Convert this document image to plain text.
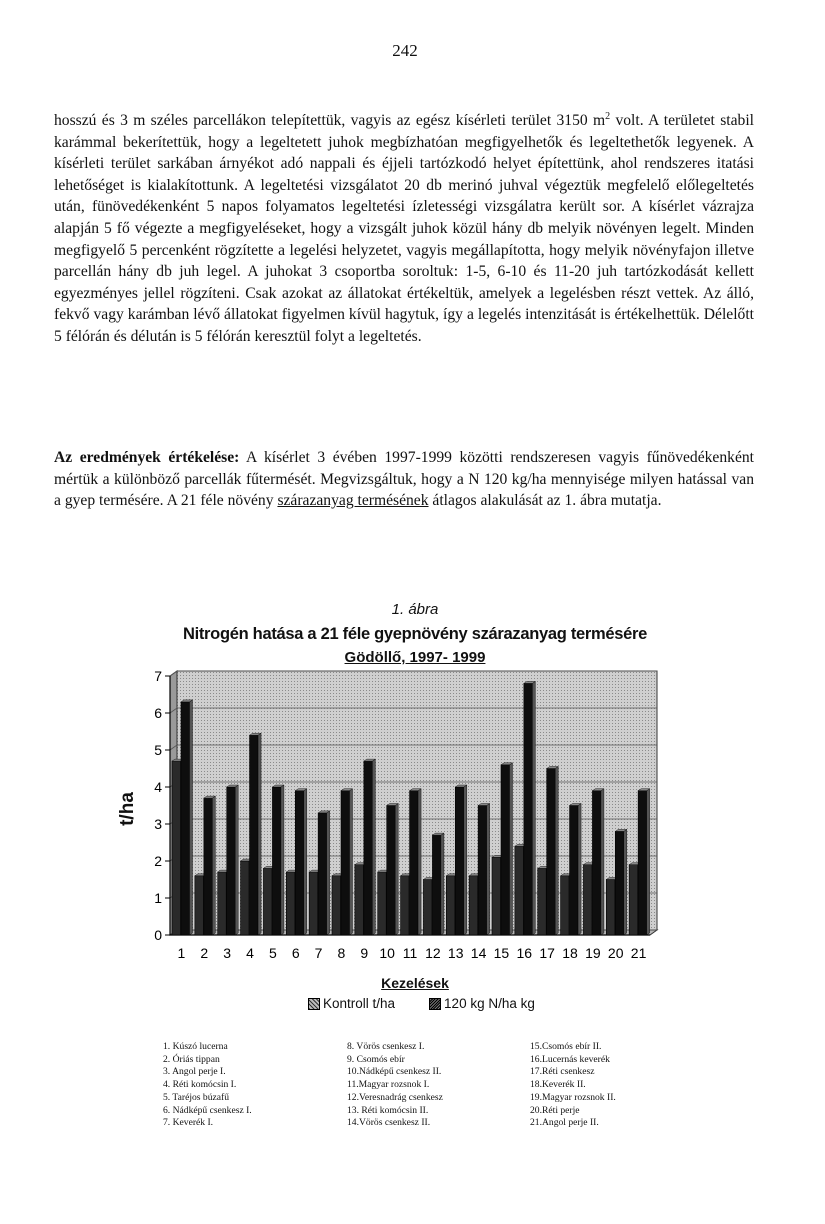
242

hosszú és 3 m széles parcellákon telepítettük, vagyis az egész kísérleti terület 3150 $m^2$ volt. A területet stabil karámmal bekerítettük, hogy a legeltetett juhok megbízhatóan megfigyelhetők és legeltethetők legyenek. A kísérleti terület sarkában árnyékot adó nappali és éjjeli tartózkodó helyet építettünk, ahol rendszeres itatási lehetőséget is kialakítottunk. A legeltetési vizsgálatot 20 db merinó juhval végeztük megfelelő előlegeltetés után, fünövedékenként 5 napos folyamatos legeltetési ízletességi vizsgálatra került sor. A kísérlet vázrajza alapján 5 fő végezte a megfigyeléseket, hogy a vizsgált juhok közül hány db melyik növényen legelt. Minden megfigyelő 5 percenként rögzítette a legelési helyzetet, vagyis megállapította, hogy melyik növényfajon illetve parcellán hány db juh legel. A juhokat 3 csoportba soroltuk: 1-5, 6-10 és 11-20 juh tartózkodását kellett egyezményes jellel rögzíteni. Csak azokat az állatokat értékeltük, amelyek a legelésben részt vettek. Az álló, fekvő vagy karámban lévő állatokat figyelmen kívül hagytuk, így a legelés intenzitását is értékelhettük. Délelőtt 5 félórán és délután is 5 félórán keresztül folyt a legeltetés.

Az eredmények értékelése: A kísérlet 3 évében 1997-1999 közötti rendszeresen vagyis fűnövedékenként mértük a különböző parcellák fűtermését. Megvizsgáltuk, hogy a N 120 kg/ha mennyisége milyen hatással van a gyep termésére. A 21 féle növény szárazanyag termésének átlagos alakulását az 1. ábra mutatja.

1. ábra
Nitrogén hatása a 21 féle gyepnövény szárazanyag termésére
Gödöllő, 1997- 1999
0
1
2
3
4
5
6
7
1 2 3 4 5 6 7 8 9 10 11 12 13 14 15 16 17 18 19 20 21
t/ha
Kezelések
Kontroll t/ha	120 kg N/ha kg
1. Kúszó lucerna
2. Óriás tippan
3. Angol perje I.
4. Réti komócsin I.
5. Taréjos búzafű
6. Nádképű csenkesz I.
7. Keverék I.
8. Vörös csenkesz I.
9. Csomós ebír
10.Nádképű csenkesz II.
11.Magyar rozsnok I.
12.Veresnadrág csenkesz
13. Réti komócsin II.
14.Vörös csenkesz II.
15.Csomós ebír II.
16.Lucernás keverék
17.Réti csenkesz
18.Keverék II.
19.Magyar rozsnok II.
20.Réti perje
21.Angol perje II.
